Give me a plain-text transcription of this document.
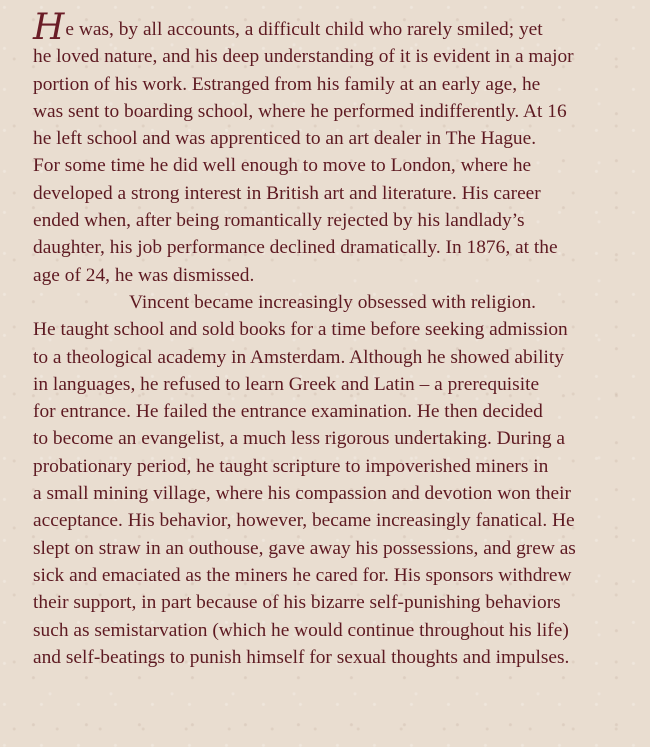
He was, by all accounts, a difficult child who rarely smiled; yet
he loved nature, and his deep understanding of it is evident in a major
portion of his work. Estranged from his family at an early age, he
was sent to boarding school, where he performed indifferently. At 16
he left school and was apprenticed to an art dealer in The Hague.
For some time he did well enough to move to London, where he
developed a strong interest in British art and literature. His career
ended when, after being romantically rejected by his landlady’s
daughter, his job performance declined dramatically. In 1876, at the
age of 24, he was dismissed.

Vincent became increasingly obsessed with religion.
He taught school and sold books for a time before seeking admission
to a theological academy in Amsterdam. Although he showed ability
in languages, he refused to learn Greek and Latin – a prerequisite
for entrance. He failed the entrance examination. He then decided
to become an evangelist, a much less rigorous undertaking. During a
probationary period, he taught scripture to impoverished miners in
a small mining village, where his compassion and devotion won their
acceptance. His behavior, however, became increasingly fanatical. He
slept on straw in an outhouse, gave away his possessions, and grew as
sick and emaciated as the miners he cared for. His sponsors withdrew
their support, in part because of his bizarre self-punishing behaviors
such as semistarvation (which he would continue throughout his life)
and self-beatings to punish himself for sexual thoughts and impulses.
